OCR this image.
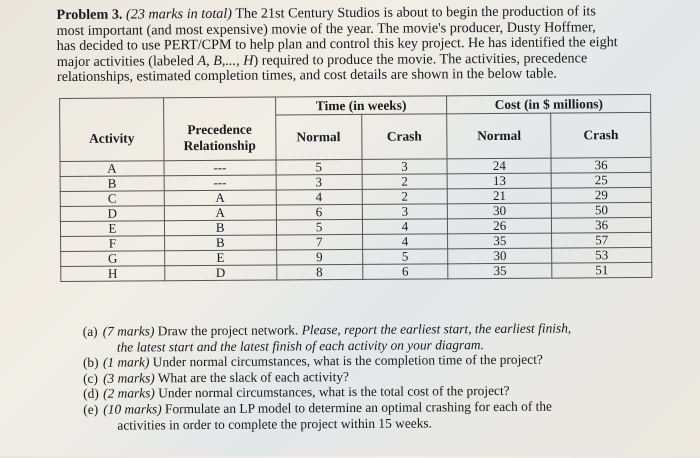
Problem 3. (23 marks in total) The 21st Century Studios is about to begin the production of its
most important (and most expensive) movie of the year. The movie's producer, Dusty Hoffmer,
has decided to use PERT/CPM to help plan and control this key project. He has identified the eight
major activities (labeled A, B,..., H) required to produce the movie. The activities, precedence
relationships, estimated completion times, and cost details are shown in the below table.
		Time (in weeks)		Cost (in $ millions)	
Activity	Precedence Relationship	Normal	Crash	Normal	Crash
A	---	5	3	24	36
B	---	3	2	13	25
C	A	4	2	21	29
D	A	6	3	30	50
E	B	5	4	26	36
F	B	7	4	35	57
G	E	9	5	30	53
H	D	8	6	35	51
(a) (7 marks) Draw the project network. Please, report the earliest start, the earliest finish,
the latest start and the latest finish of each activity on your diagram.
(b) (1 mark) Under normal circumstances, what is the completion time of the project?
(c) (3 marks) What are the slack of each activity?
(d) (2 marks) Under normal circumstances, what is the total cost of the project?
(e) (10 marks) Formulate an LP model to determine an optimal crashing for each of the
activities in order to complete the project within 15 weeks.
